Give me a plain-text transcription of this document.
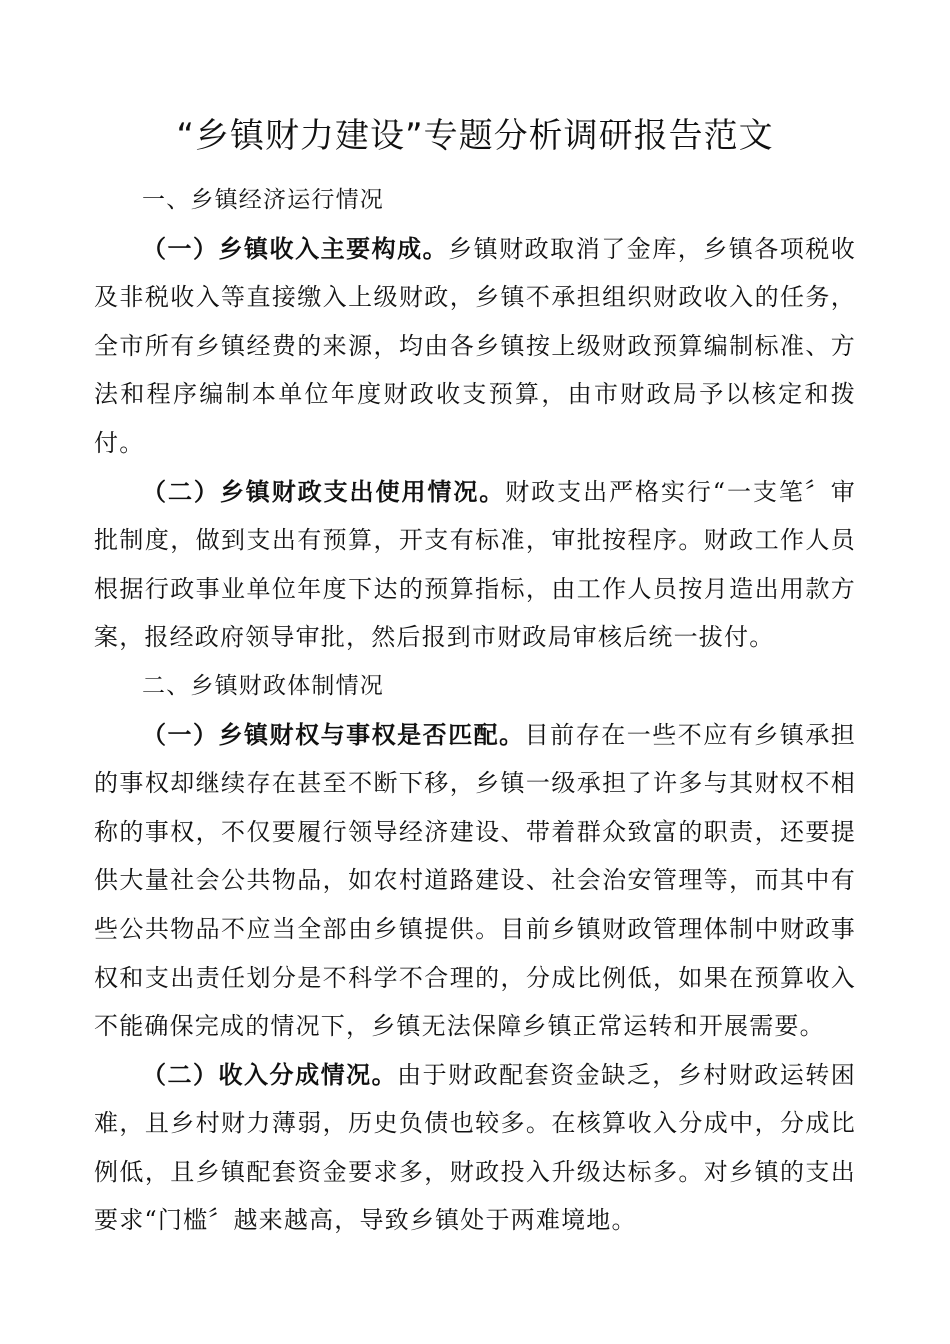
“乡镇财力建设”专题分析调研报告范文

一、乡镇经济运行情况

（一）乡镇收入主要构成。乡镇财政取消了金库，乡镇各项税收及非税收入等直接缴入上级财政，乡镇不承担组织财政收入的任务，全市所有乡镇经费的来源，均由各乡镇按上级财政预算编制标准、方法和程序编制本单位年度财政收支预算，由市财政局予以核定和拨付。

（二）乡镇财政支出使用情况。财政支出严格实行“一支笔〞审批制度，做到支出有预算，开支有标准，审批按程序。财政工作人员根据行政事业单位年度下达的预算指标，由工作人员按月造出用款方案，报经政府领导审批，然后报到市财政局审核后统一拔付。

二、乡镇财政体制情况

（一）乡镇财权与事权是否匹配。目前存在一些不应有乡镇承担的事权却继续存在甚至不断下移，乡镇一级承担了许多与其财权不相称的事权，不仅要履行领导经济建设、带着群众致富的职责，还要提供大量社会公共物品，如农村道路建设、社会治安管理等，而其中有些公共物品不应当全部由乡镇提供。目前乡镇财政管理体制中财政事权和支出责任划分是不科学不合理的，分成比例低，如果在预算收入不能确保完成的情况下，乡镇无法保障乡镇正常运转和开展需要。

（二）收入分成情况。由于财政配套资金缺乏，乡村财政运转困难，且乡村财力薄弱，历史负债也较多。在核算收入分成中，分成比例低，且乡镇配套资金要求多，财政投入升级达标多。对乡镇的支出要求“门槛〞越来越高，导致乡镇处于两难境地。
